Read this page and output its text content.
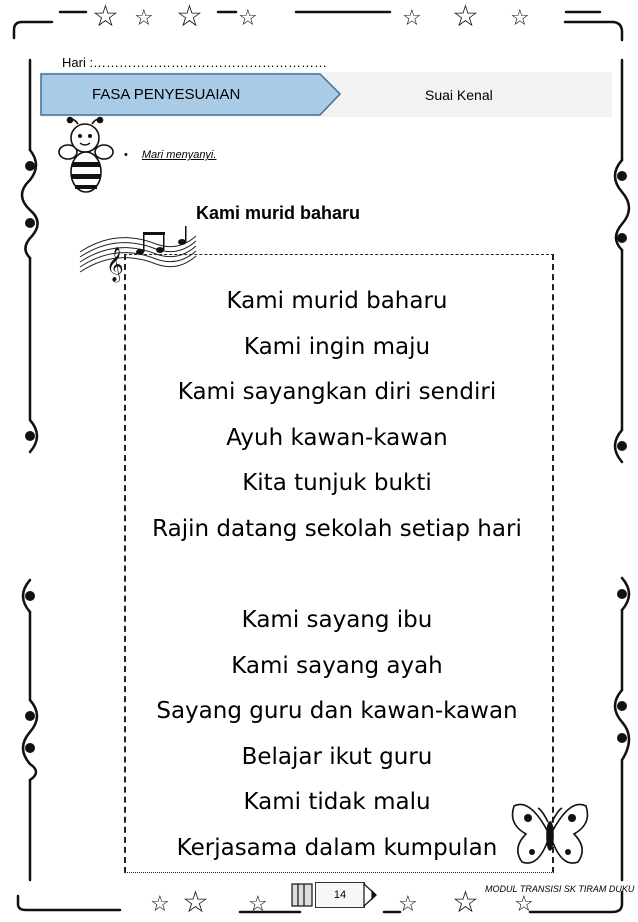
☆ ☆ ☆ ☆	☆ ☆ ☆
☆ ☆ ☆	☆ ☆ ☆
Hari :………………………………………………
FASA PENYESUAIAN	Suai Kenal
• Mari menyanyi.
Kami murid baharu
𝄞
Kami murid baharu
Kami ingin maju
Kami sayangkan diri sendiri
Ayuh kawan-kawan
Kita tunjuk bukti
Rajin datang sekolah setiap hari
Kami sayang ibu
Kami sayang ayah
Sayang guru dan kawan-kawan
Belajar ikut guru
Kami tidak malu
Kerjasama dalam kumpulan
14	MODUL TRANSISI SK TIRAM DUKU
